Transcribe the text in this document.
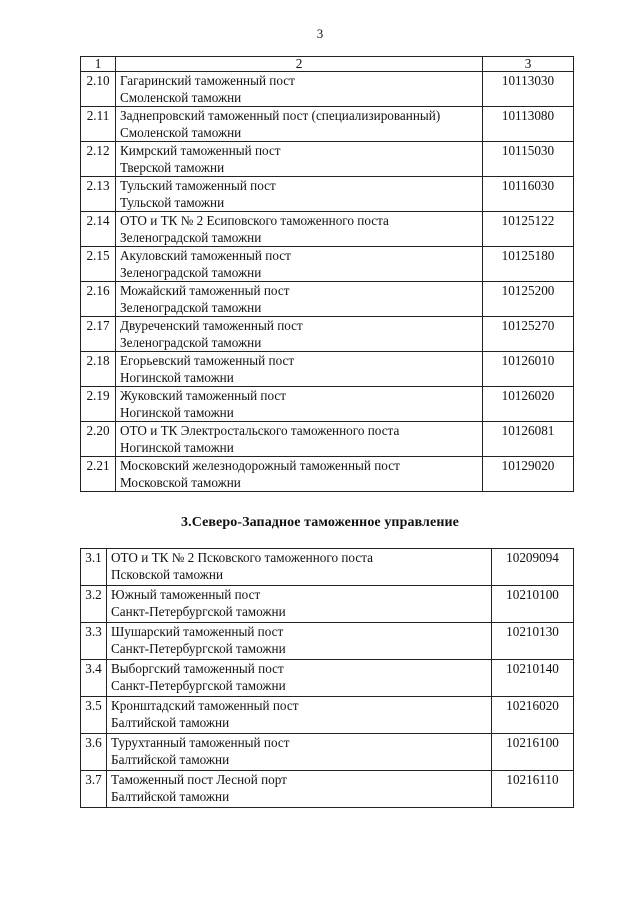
3
1	2	3
2.10	Гагаринский таможенный пост
Смоленской таможни	10113030
2.11	Заднепровский таможенный пост (специализированный)
Смоленской таможни	10113080
2.12	Кимрский таможенный пост
Тверской таможни	10115030
2.13	Тульский таможенный пост
Тульской таможни	10116030
2.14	ОТО и ТК № 2 Есиповского таможенного поста
Зеленоградской таможни	10125122
2.15	Акуловский таможенный пост
Зеленоградской таможни	10125180
2.16	Можайский таможенный пост
Зеленоградской таможни	10125200
2.17	Двуреченский таможенный пост
Зеленоградской таможни	10125270
2.18	Егорьевский таможенный пост
Ногинской таможни	10126010
2.19	Жуковский таможенный пост
Ногинской таможни	10126020
2.20	ОТО и ТК Электростальского таможенного поста
Ногинской таможни	10126081
2.21	Московский железнодорожный таможенный пост
Московской таможни	10129020
3.Северо-Западное таможенное управление
3.1	ОТО и ТК № 2 Псковского таможенного поста
Псковской таможни	10209094
3.2	Южный таможенный пост
Санкт-Петербургской таможни	10210100
3.3	Шушарский таможенный пост
Санкт-Петербургской таможни	10210130
3.4	Выборгский таможенный пост
Санкт-Петербургской таможни	10210140
3.5	Кронштадский таможенный пост
Балтийской таможни	10216020
3.6	Турухтанный таможенный пост
Балтийской таможни	10216100
3.7	Таможенный пост Лесной порт
Балтийской таможни	10216110
